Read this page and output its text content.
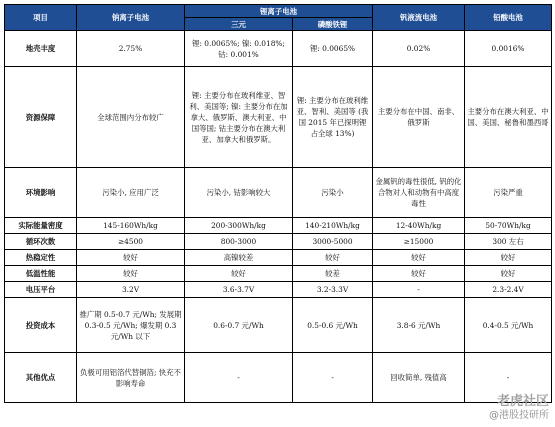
项目	钠离子电池	锂离子电池		钒液流电池	铅酸电池
		三元	磷酸铁锂		
地壳丰度	2.75%	锂: 0.0065%; 镍: 0.018%; 钴: 0.001%	锂: 0.0065%	0.02%	0.0016%
资源保障	全球范围内分布较广	锂: 主要分布在玻利维亚、智利、美国等; 镍: 主要分布在加拿大、俄罗斯、澳大利亚、中国等国; 钴主要分布在澳大利亚、加拿大和俄罗斯。	锂: 主要分布在玻利维亚、智利、美国等 (我国 2015 年已探明锂占全球 13%)	主要分布在中国、南非、俄罗斯	主要分布在澳大利亚、中国、美国、秘鲁和墨西哥
环境影响	污染小, 应用广泛	污染小, 钴影响较大	污染小	金属钒的毒性很低, 钒的化合物对人和动物有中高度毒性	污染严重
实际能量密度	145-160Wh/kg	200-300Wh/kg	140-210Wh/kg	12-40Wh/kg	50-70Wh/kg
循环次数	≥4500	800-3000	3000-5000	≥15000	300 左右
热稳定性	较好	高镍较差	较好	较好	较好
低温性能	较好	较好	较差	较好	较好
电压平台	3.2V	3.6-3.7V	3.2-3.3V	-	2.3-2.4V
投资成本	推广期 0.5-0.7 元/Wh; 发展期 0.3-0.5 元/Wh; 爆发期 0.3 元/Wh 以下	0.6-0.7 元/Wh	0.5-0.6 元/Wh	3.8-6 元/Wh	0.4-0.5 元/Wh
其他优点	负极可用铝箔代替铜箔; 快充不影响寿命	-	-	回收简单, 残值高	-
老虎社区
@港股投研所
